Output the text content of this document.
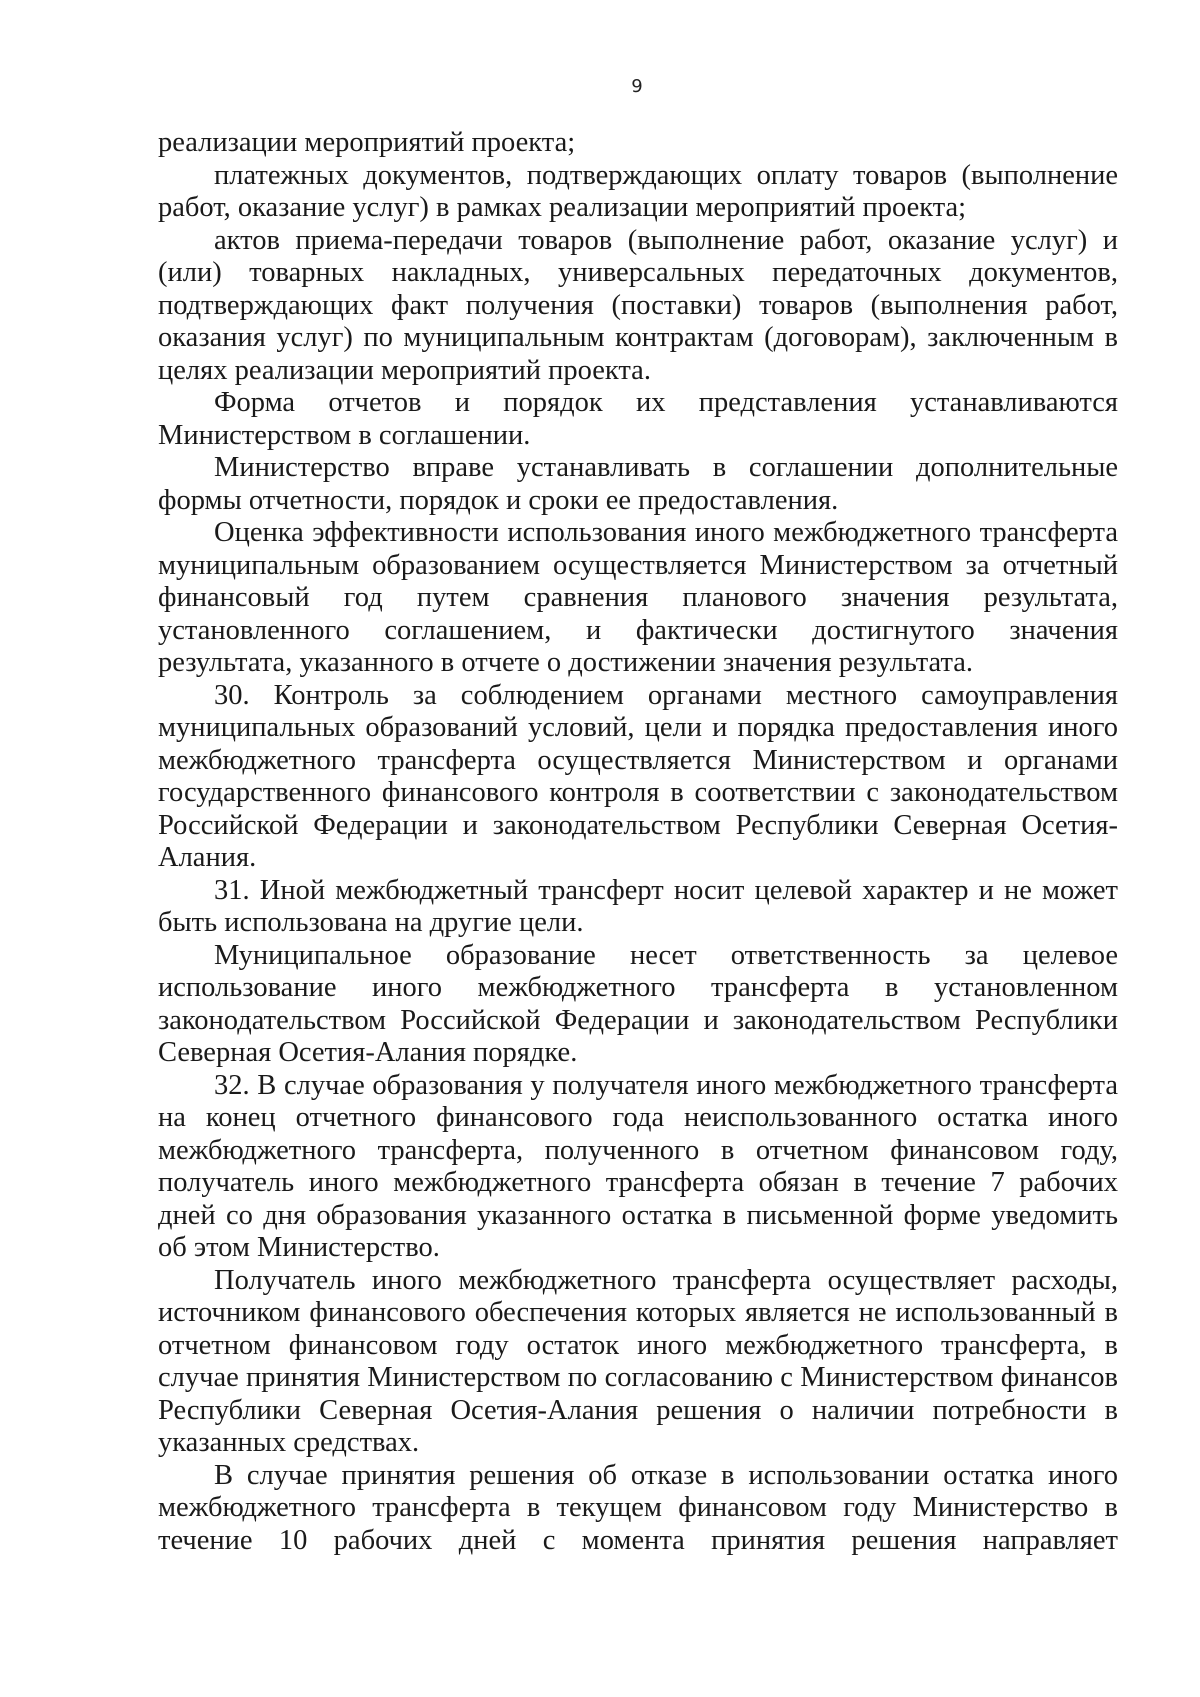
9

реализации мероприятий проекта;

платежных документов, подтверждающих оплату товаров (выполнение работ, оказание услуг) в рамках реализации мероприятий проекта;

актов приема-передачи товаров (выполнение работ, оказание услуг) и (или) товарных накладных, универсальных передаточных документов, подтверждающих факт получения (поставки) товаров (выполнения работ, оказания услуг) по муниципальным контрактам (договорам), заключенным в целях реализации мероприятий проекта.

Форма отчетов и порядок их представления устанавливаются Министерством в соглашении.

Министерство вправе устанавливать в соглашении дополнительные формы отчетности, порядок и сроки ее предоставления.

Оценка эффективности использования иного межбюджетного трансферта муниципальным образованием осуществляется Министерством за отчетный финансовый год путем сравнения планового значения результата, установленного соглашением, и фактически достигнутого значения результата, указанного в отчете о достижении значения результата.

30. Контроль за соблюдением органами местного самоуправления муниципальных образований условий, цели и порядка предоставления иного межбюджетного трансферта осуществляется Министерством и органами государственного финансового контроля в соответствии с законодательством Российской Федерации и законодательством Республики Северная Осетия-Алания.

31. Иной межбюджетный трансферт носит целевой характер и не может быть использована на другие цели.

Муниципальное образование несет ответственность за целевое использование иного межбюджетного трансферта в установленном законодательством Российской Федерации и законодательством Республики Северная Осетия-Алания порядке.

32. В случае образования у получателя иного межбюджетного трансферта на конец отчетного финансового года неиспользованного остатка иного межбюджетного трансферта, полученного в отчетном финансовом году, получатель иного межбюджетного трансферта обязан в течение 7 рабочих дней со дня образования указанного остатка в письменной форме уведомить об этом Министерство.

Получатель иного межбюджетного трансферта осуществляет расходы, источником финансового обеспечения которых является не использованный в отчетном финансовом году остаток иного межбюджетного трансферта, в случае принятия Министерством по согласованию с Министерством финансов Республики Северная Осетия-Алания решения о наличии потребности в указанных средствах.

В случае принятия решения об отказе в использовании остатка иного межбюджетного трансферта в текущем финансовом году Министерство в течение 10 рабочих дней с момента принятия решения направляет
